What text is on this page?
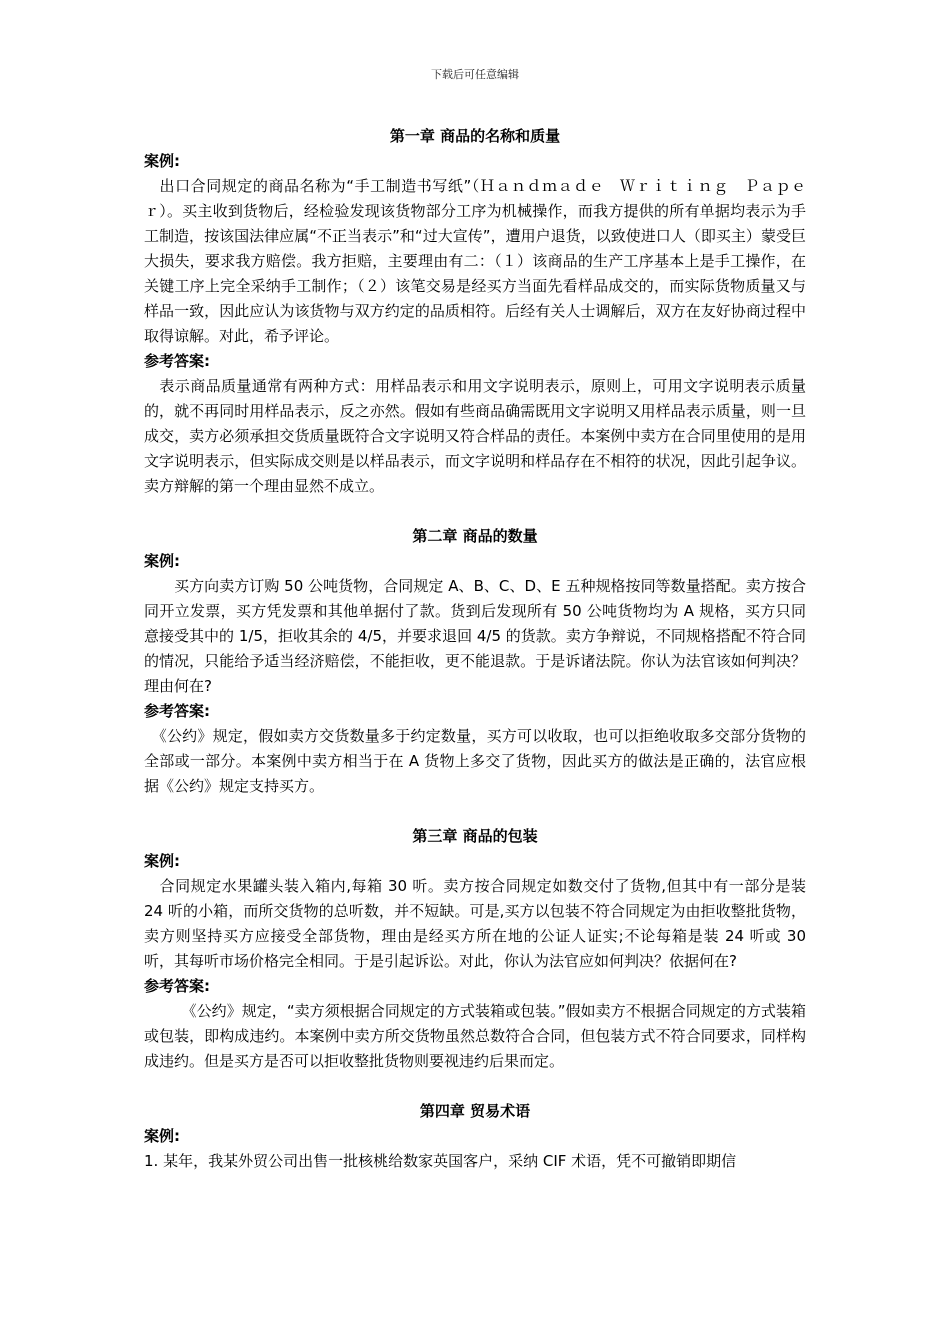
下载后可任意编辑
第一章 商品的名称和质量

案例:

　出口合同规定的商品名称为“手工制造书写纸”（Ｈａｎｄｍａｄｅ　Ｗｒｉｔｉｎｇ　Ｐａｐｅｒ）。买主收到货物后，经检验发现该货物部分工序为机械操作，而我方提供的所有单据均表示为手工制造，按该国法律应属“不正当表示”和“过大宣传”，遭用户退货，以致使进口人（即买主）蒙受巨大损失，要求我方赔偿。我方拒赔，主要理由有二：（１）该商品的生产工序基本上是手工操作，在关键工序上完全采纳手工制作；（２）该笔交易是经买方当面先看样品成交的，而实际货物质量又与样品一致，因此应认为该货物与双方约定的品质相符。后经有关人士调解后，双方在友好协商过程中取得谅解。对此，希予评论。

参考答案:

　表示商品质量通常有两种方式：用样品表示和用文字说明表示，原则上，可用文字说明表示质量的，就不再同时用样品表示，反之亦然。假如有些商品确需既用文字说明又用样品表示质量，则一旦成交，卖方必须承担交货质量既符合文字说明又符合样品的责任。本案例中卖方在合同里使用的是用文字说明表示，但实际成交则是以样品表示，而文字说明和样品存在不相符的状况，因此引起争议。卖方辩解的第一个理由显然不成立。

第二章 商品的数量

案例:

　　买方向卖方订购 50 公吨货物，合同规定 A、B、C、D、E 五种规格按同等数量搭配。卖方按合同开立发票，买方凭发票和其他单据付了款。货到后发现所有 50 公吨货物均为 A 规格，买方只同意接受其中的 1/5，拒收其余的 4/5，并要求退回 4/5 的货款。卖方争辩说，不同规格搭配不符合同的情况，只能给予适当经济赔偿，不能拒收，更不能退款。于是诉诸法院。你认为法官该如何判决？理由何在?

参考答案:

　《公约》规定，假如卖方交货数量多于约定数量，买方可以收取，也可以拒绝收取多交部分货物的全部或一部分。本案例中卖方相当于在 A 货物上多交了货物，因此买方的做法是正确的，法官应根据《公约》规定支持买方。

第三章 商品的包装

案例:

　合同规定水果罐头装入箱内,每箱 30 听。卖方按合同规定如数交付了货物,但其中有一部分是装 24 听的小箱，而所交货物的总听数，并不短缺。可是,买方以包装不符合同规定为由拒收整批货物，卖方则坚持买方应接受全部货物，理由是经买方所在地的公证人证实;不论每箱是装 24 听或 30 听，其每听市场价格完全相同。于是引起诉讼。对此，你认为法官应如何判决？依据何在?

参考答案:

　　　《公约》规定，“卖方须根据合同规定的方式装箱或包装。”假如卖方不根据合同规定的方式装箱或包装，即构成违约。本案例中卖方所交货物虽然总数符合合同，但包装方式不符合同要求，同样构成违约。但是买方是否可以拒收整批货物则要视违约后果而定。

第四章 贸易术语

案例:

1. 某年，我某外贸公司出售一批核桃给数家英国客户，采纳 CIF 术语，凭不可撤销即期信
